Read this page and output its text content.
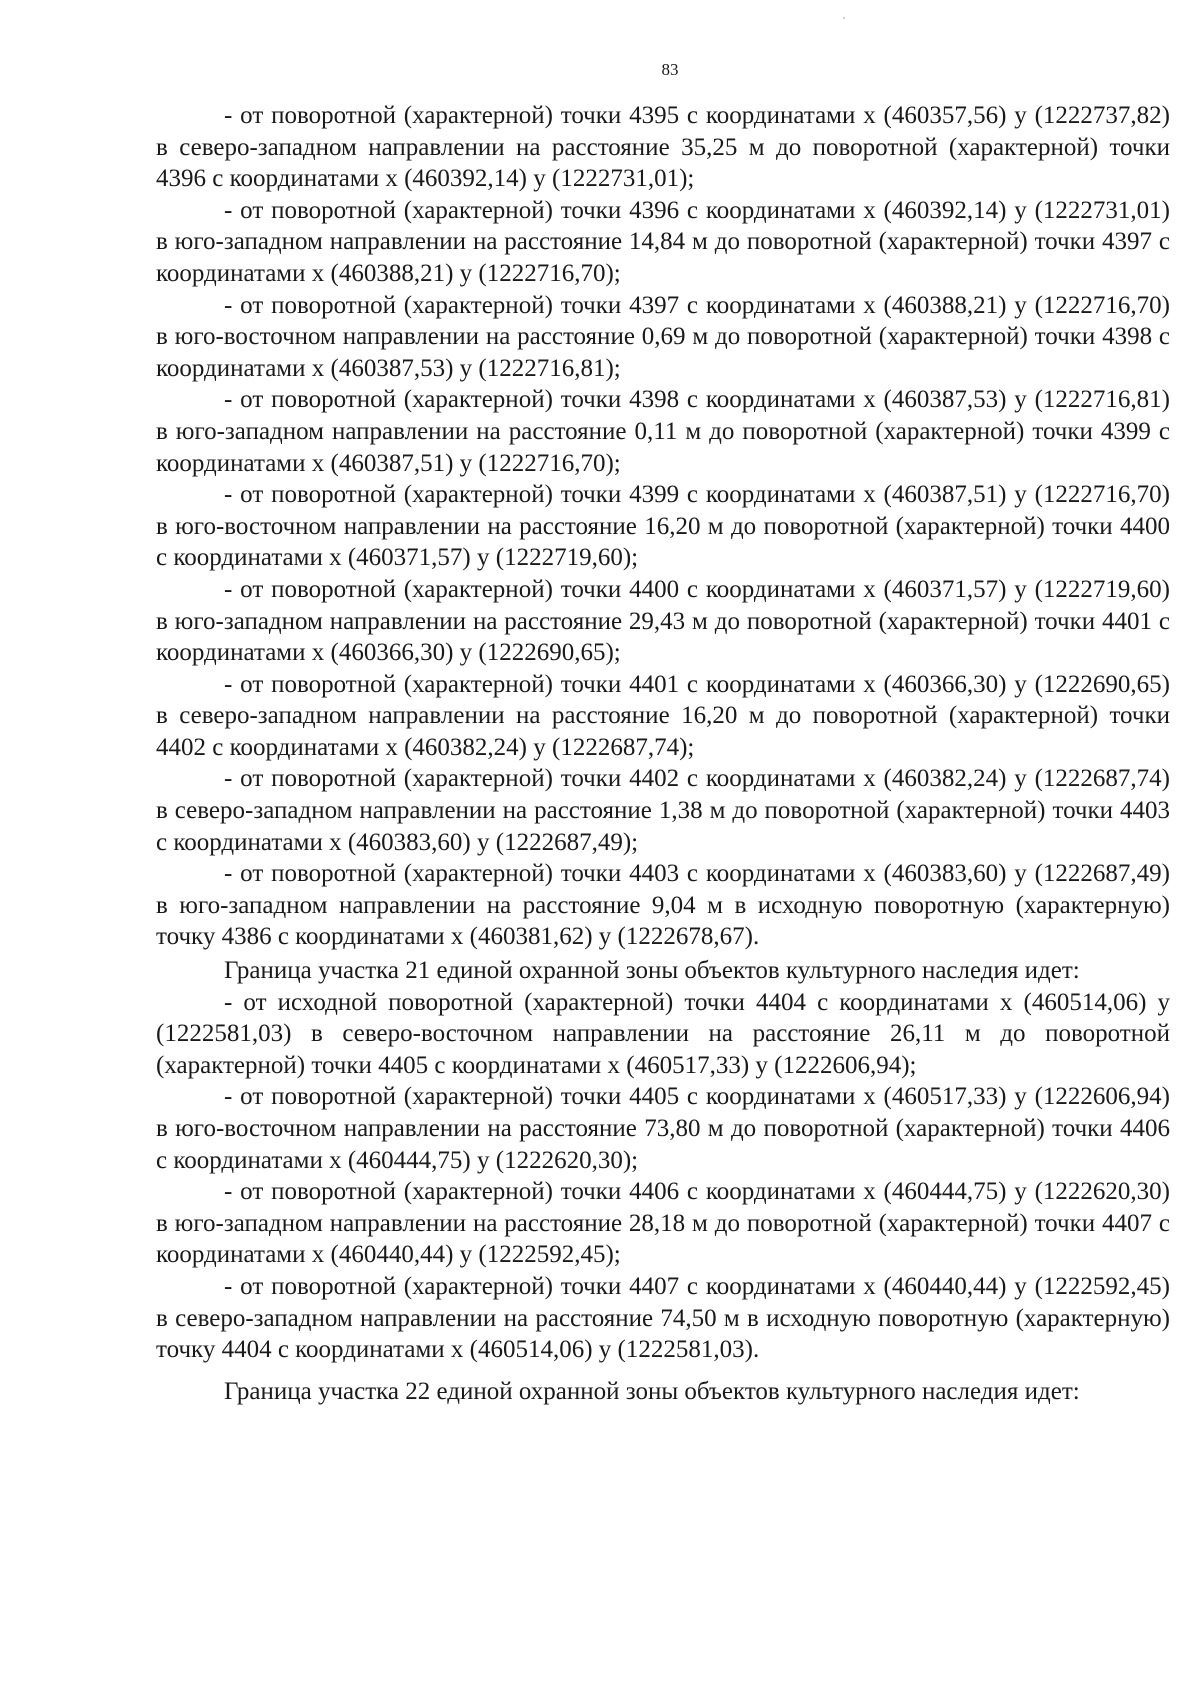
83

- от поворотной (характерной) точки 4395 с координатами х (460357,56) у (1222737,82) в северо-западном направлении на расстояние 35,25 м до поворотной (характерной) точки 4396 с координатами х (460392,14) у (1222731,01);

- от поворотной (характерной) точки 4396 с координатами х (460392,14) у (1222731,01) в юго-западном направлении на расстояние 14,84 м до поворотной (характерной) точки 4397 с координатами х (460388,21) у (1222716,70);

- от поворотной (характерной) точки 4397 с координатами х (460388,21) у (1222716,70) в юго-восточном направлении на расстояние 0,69 м до поворотной (характерной) точки 4398 с координатами х (460387,53) у (1222716,81);

- от поворотной (характерной) точки 4398 с координатами х (460387,53) у (1222716,81) в юго-западном направлении на расстояние 0,11 м до поворотной (характерной) точки 4399 с координатами х (460387,51) у (1222716,70);

- от поворотной (характерной) точки 4399 с координатами х (460387,51) у (1222716,70) в юго-восточном направлении на расстояние 16,20 м до поворотной (характерной) точки 4400 с координатами х (460371,57) у (1222719,60);

- от поворотной (характерной) точки 4400 с координатами х (460371,57) у (1222719,60) в юго-западном направлении на расстояние 29,43 м до поворотной (характерной) точки 4401 с координатами х (460366,30) у (1222690,65);

- от поворотной (характерной) точки 4401 с координатами х (460366,30) у (1222690,65) в северо-западном направлении на расстояние 16,20 м до поворотной (характерной) точки 4402 с координатами х (460382,24) у (1222687,74);

- от поворотной (характерной) точки 4402 с координатами х (460382,24) у (1222687,74) в северо-западном направлении на расстояние 1,38 м до поворотной (характерной) точки 4403 с координатами х (460383,60) у (1222687,49);

- от поворотной (характерной) точки 4403 с координатами х (460383,60) у (1222687,49) в юго-западном направлении на расстояние 9,04 м в исходную поворотную (характерную) точку 4386 с координатами х (460381,62) у (1222678,67).

Граница участка 21 единой охранной зоны объектов культурного наследия идет:

- от исходной поворотной (характерной) точки 4404 с координатами х (460514,06) у (1222581,03) в северо-восточном направлении на расстояние 26,11 м до поворотной (характерной) точки 4405 с координатами х (460517,33) у (1222606,94);

- от поворотной (характерной) точки 4405 с координатами х (460517,33) у (1222606,94) в юго-восточном направлении на расстояние 73,80 м до поворотной (характерной) точки 4406 с координатами х (460444,75) у (1222620,30);

- от поворотной (характерной) точки 4406 с координатами х (460444,75) у (1222620,30) в юго-западном направлении на расстояние 28,18 м до поворотной (характерной) точки 4407 с координатами х (460440,44) у (1222592,45);

- от поворотной (характерной) точки 4407 с координатами х (460440,44) у (1222592,45) в северо-западном направлении на расстояние 74,50 м в исходную поворотную (характерную) точку 4404 с координатами х (460514,06) у (1222581,03).

Граница участка 22 единой охранной зоны объектов культурного наследия идет:
